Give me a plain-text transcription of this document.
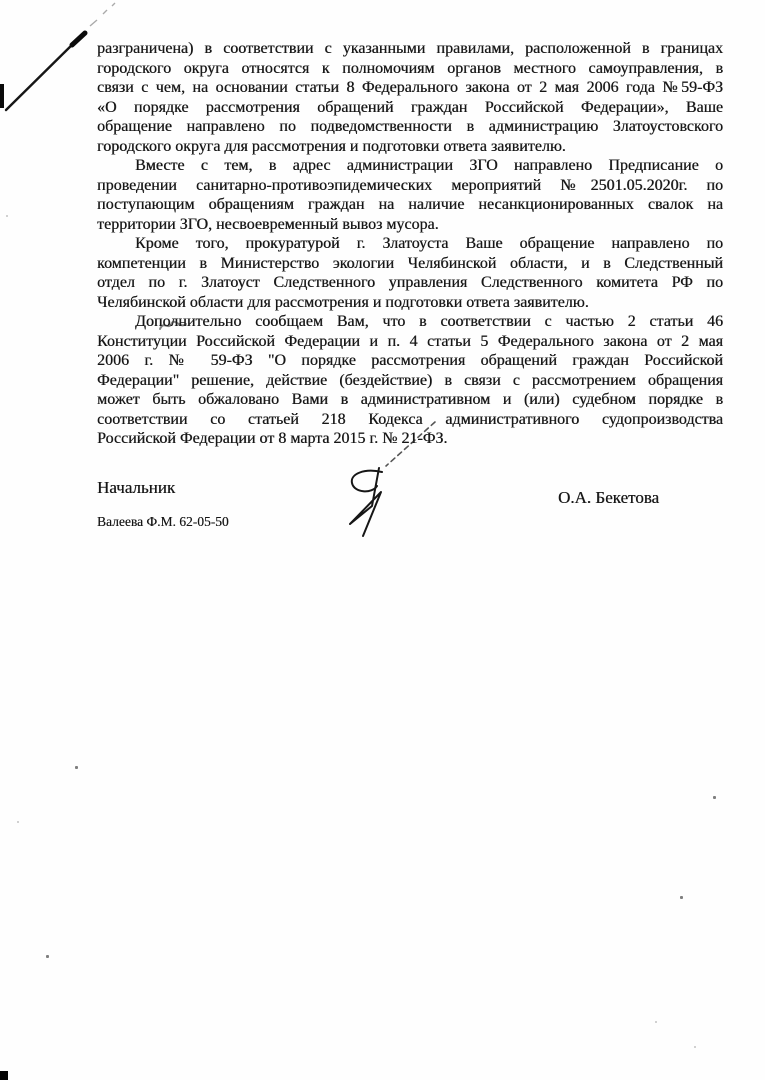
разграничена) в соответствии с указанными правилами, расположенной в границах
городского округа относятся к полномочиям органов местного самоуправления, в
связи с чем, на основании статьи 8 Федерального закона от 2 мая 2006 года №59-ФЗ
«О порядке рассмотрения обращений граждан Российской Федерации», Ваше
обращение направлено по подведомственности в администрацию Златоустовского
городского округа для рассмотрения и подготовки ответа заявителю.
Вместе с тем, в адрес администрации ЗГО направлено Предписание о
проведении санитарно-противоэпидемических мероприятий №2501.05.2020г. по
поступающим обращениям граждан на наличие несанкционированных свалок на
территории ЗГО, несвоевременный вывоз мусора.
Кроме того, прокуратурой г. Златоуста Ваше обращение направлено по
компетенции в Министерство экологии Челябинской области, и в Следственный
отдел по г. Златоуст Следственного управления Следственного комитета РФ по
Челябинской области для рассмотрения и подготовки ответа заявителю.
Дополнительно сообщаем Вам, что в соответствии с частью 2 статьи 46
Конституции Российской Федерации и п. 4 статьи 5 Федерального закона от 2 мая
2006 г. № 59-ФЗ "О порядке рассмотрения обращений граждан Российской
Федерации" решение, действие (бездействие) в связи с рассмотрением обращения
может быть обжаловано Вами в административном и (или) судебном порядке в
соответствии со статьей 218 Кодекса административного судопроизводства
Российской Федерации от 8 марта 2015 г. № 21-ФЗ.
Начальник
О.А. Бекетова
Валеева Ф.М. 62-05-50
